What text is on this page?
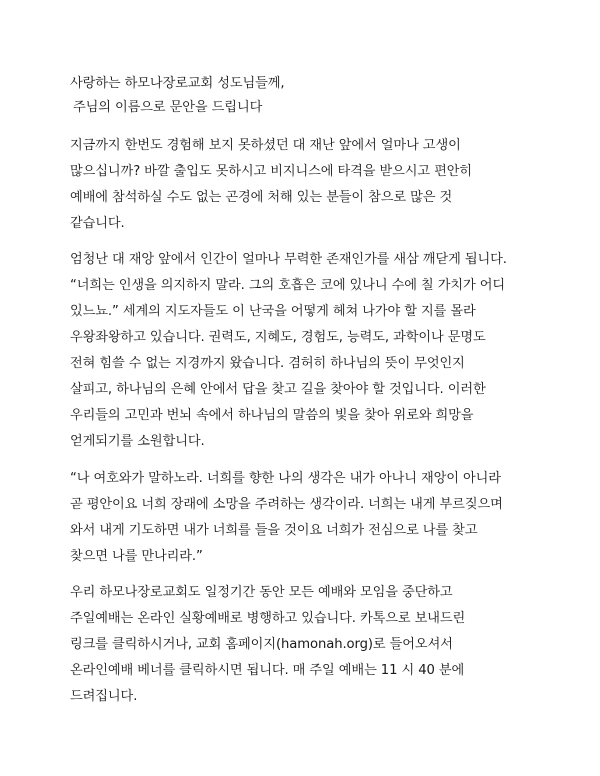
사랑하는 하모나장로교회 성도님들께,
주님의 이름으로 문안을 드립니다
지금까지 한번도 경험해 보지 못하셨던 대 재난 앞에서 얼마나 고생이
많으십니까? 바깔 출입도 못하시고 비지니스에 타격을 받으시고 편안히
예배에 참석하실 수도 없는 곤경에 처해 있는 분들이 참으로 많은 것
같습니다.
엄청난 대 재앙 앞에서 인간이 얼마나 무력한 존재인가를 새삼 깨닫게 됩니다.
“너희는 인생을 의지하지 말라. 그의 호흡은 코에 있나니 수에 칠 가치가 어디
있느뇨.” 세계의 지도자들도 이 난국을 어떻게 헤쳐 나가야 할 지를 몰라
우왕좌왕하고 있습니다. 권력도, 지혜도, 경험도, 능력도, 과학이나 문명도
전혀 힘쓸 수 없는 지경까지 왔습니다. 겸허히 하나님의 뜻이 무엇인지
살피고, 하나님의 은혜 안에서 답을 찾고 길을 찾아야 할 것입니다. 이러한
우리들의 고민과 번뇌 속에서 하나님의 말씀의 빛을 찾아 위로와 희망을
얻게되기를 소원합니다.
“나 여호와가 말하노라. 너희를 향한 나의 생각은 내가 아나니 재앙이 아니라
곧 평안이요 너희 장래에 소망을 주려하는 생각이라. 너희는 내게 부르짖으며
와서 내게 기도하면 내가 너희를 들을 것이요 너희가 전심으로 나를 찾고
찾으면 나를 만나리라.”
우리 하모나장로교회도 일정기간 동안 모든 예배와 모임을 중단하고
주일예배는 온라인 실황예배로 병행하고 있습니다. 카톡으로 보내드린
링크를 클릭하시거나, 교회 홈페이지(hamonah.org)로 들어오셔서
온라인예배 베너를 클릭하시면 됩니다. 매 주일 예배는 11 시 40 분에
드려집니다.
